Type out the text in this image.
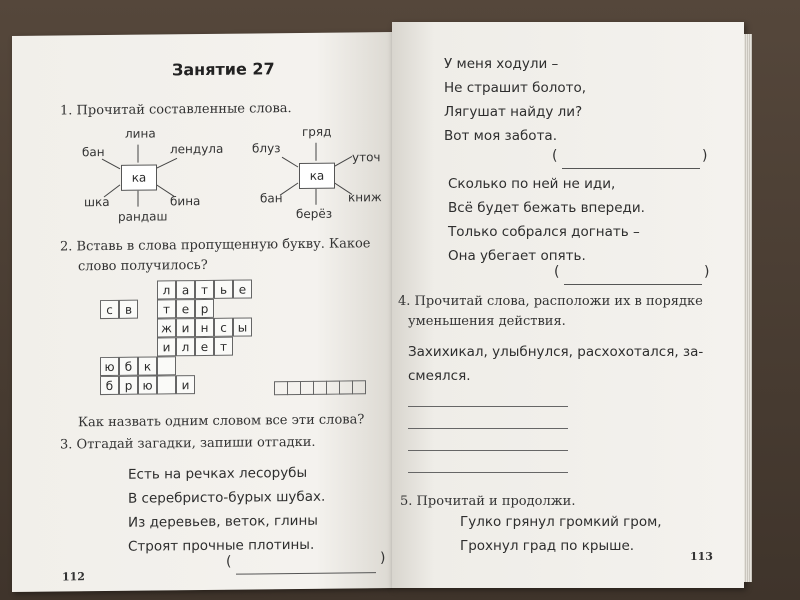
Занятие 27
1. Прочитай составленные слова.
ка
лина
бан	лендула
шка	бина
рандаш
ка
гряд
блуз
уточ
бан	книж
берёз
2. Вставь в слова пропущенную букву. Какое
слово получилось?
л а т ь е
с	в	т е р
ж и н с ы
и л е т
ю б к
б р ю	и
Как назвать одним словом все эти слова?
3. Отгадай загадки, запиши отгадки.
Есть на речках лесорубы
В серебристо-бурых шубах.
Из деревьев, веток, глины
Строят прочные плотины.
(	)
112
У меня ходули –
Не страшит болото,
Лягушат найду ли?
Вот моя забота.
(	)
Сколько по ней не иди,
Всё будет бежать впереди.
Только собрался догнать –
Она убегает опять.
(	)
4. Прочитай слова, расположи их в порядке
уменьшения действия.
Захихикал, улыбнулся, расхохотался, за-
смеялся.
5. Прочитай и продолжи.
Гулко грянул громкий гром,
Грохнул град по крыше.
113
